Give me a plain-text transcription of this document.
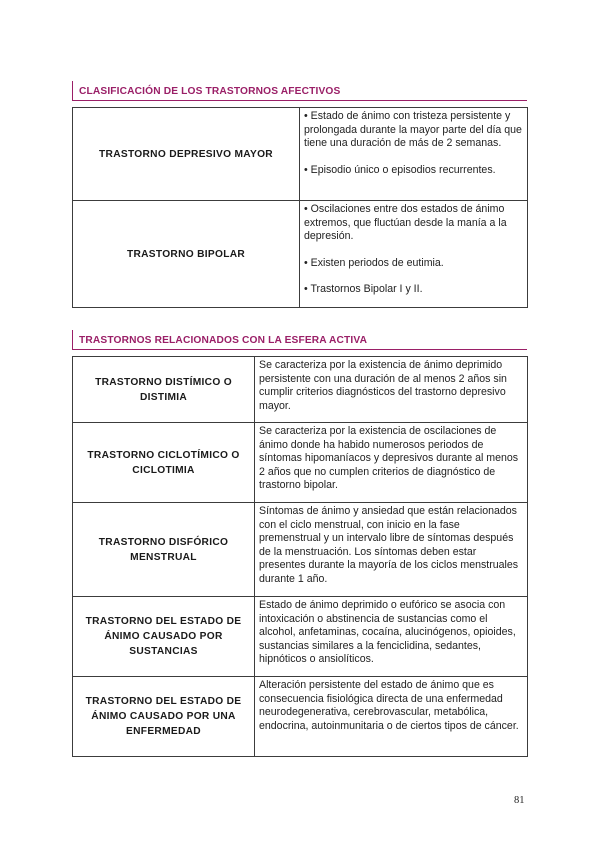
CLASIFICACIÓN DE LOS TRASTORNOS AFECTIVOS
TRASTORNO DEPRESIVO MAYOR	• Estado de ánimo con tristeza persistente y prolongada durante la mayor parte del día que tiene una duración de más de 2 semanas.

• Episodio único o episodios recurrentes.

TRASTORNO BIPOLAR	• Oscilaciones entre dos estados de ánimo extremos, que fluctúan desde la manía a la depresión.

• Existen periodos de eutimia.

• Trastornos Bipolar I y II.

TRASTORNOS RELACIONADOS CON LA ESFERA ACTIVA
TRASTORNO DISTÍMICO O DISTIMIA	Se caracteriza por la existencia de ánimo deprimido persistente con una duración de al menos 2 años sin cumplir criterios diagnósticos del trastorno depresivo mayor.
TRASTORNO CICLOTÍMICO O CICLOTIMIA	Se caracteriza por la existencia de oscilaciones de ánimo donde ha habido numerosos periodos de síntomas hipomaníacos y depresivos durante al menos 2 años que no cumplen criterios de diagnóstico de trastorno bipolar.
TRASTORNO DISFÓRICO MENSTRUAL	Síntomas de ánimo y ansiedad que están relacionados con el ciclo menstrual, con inicio en la fase premenstrual y un intervalo libre de síntomas después de la menstruación. Los síntomas deben estar presentes durante la mayoría de los ciclos menstruales durante 1 año.
TRASTORNO DEL ESTADO DE ÁNIMO CAUSADO POR SUSTANCIAS	Estado de ánimo deprimido o eufórico se asocia con intoxicación o abstinencia de sustancias como el alcohol, anfetaminas, cocaína, alucinógenos, opioides, sustancias similares a la fenciclidina, sedantes, hipnóticos o ansiolíticos.
TRASTORNO DEL ESTADO DE ÁNIMO CAUSADO POR UNA ENFERMEDAD	Alteración persistente del estado de ánimo que es consecuencia fisiológica directa de una enfermedad neurodegenerativa, cerebrovascular, metabólica, endocrina, autoinmunitaria o de ciertos tipos de cáncer.
81
